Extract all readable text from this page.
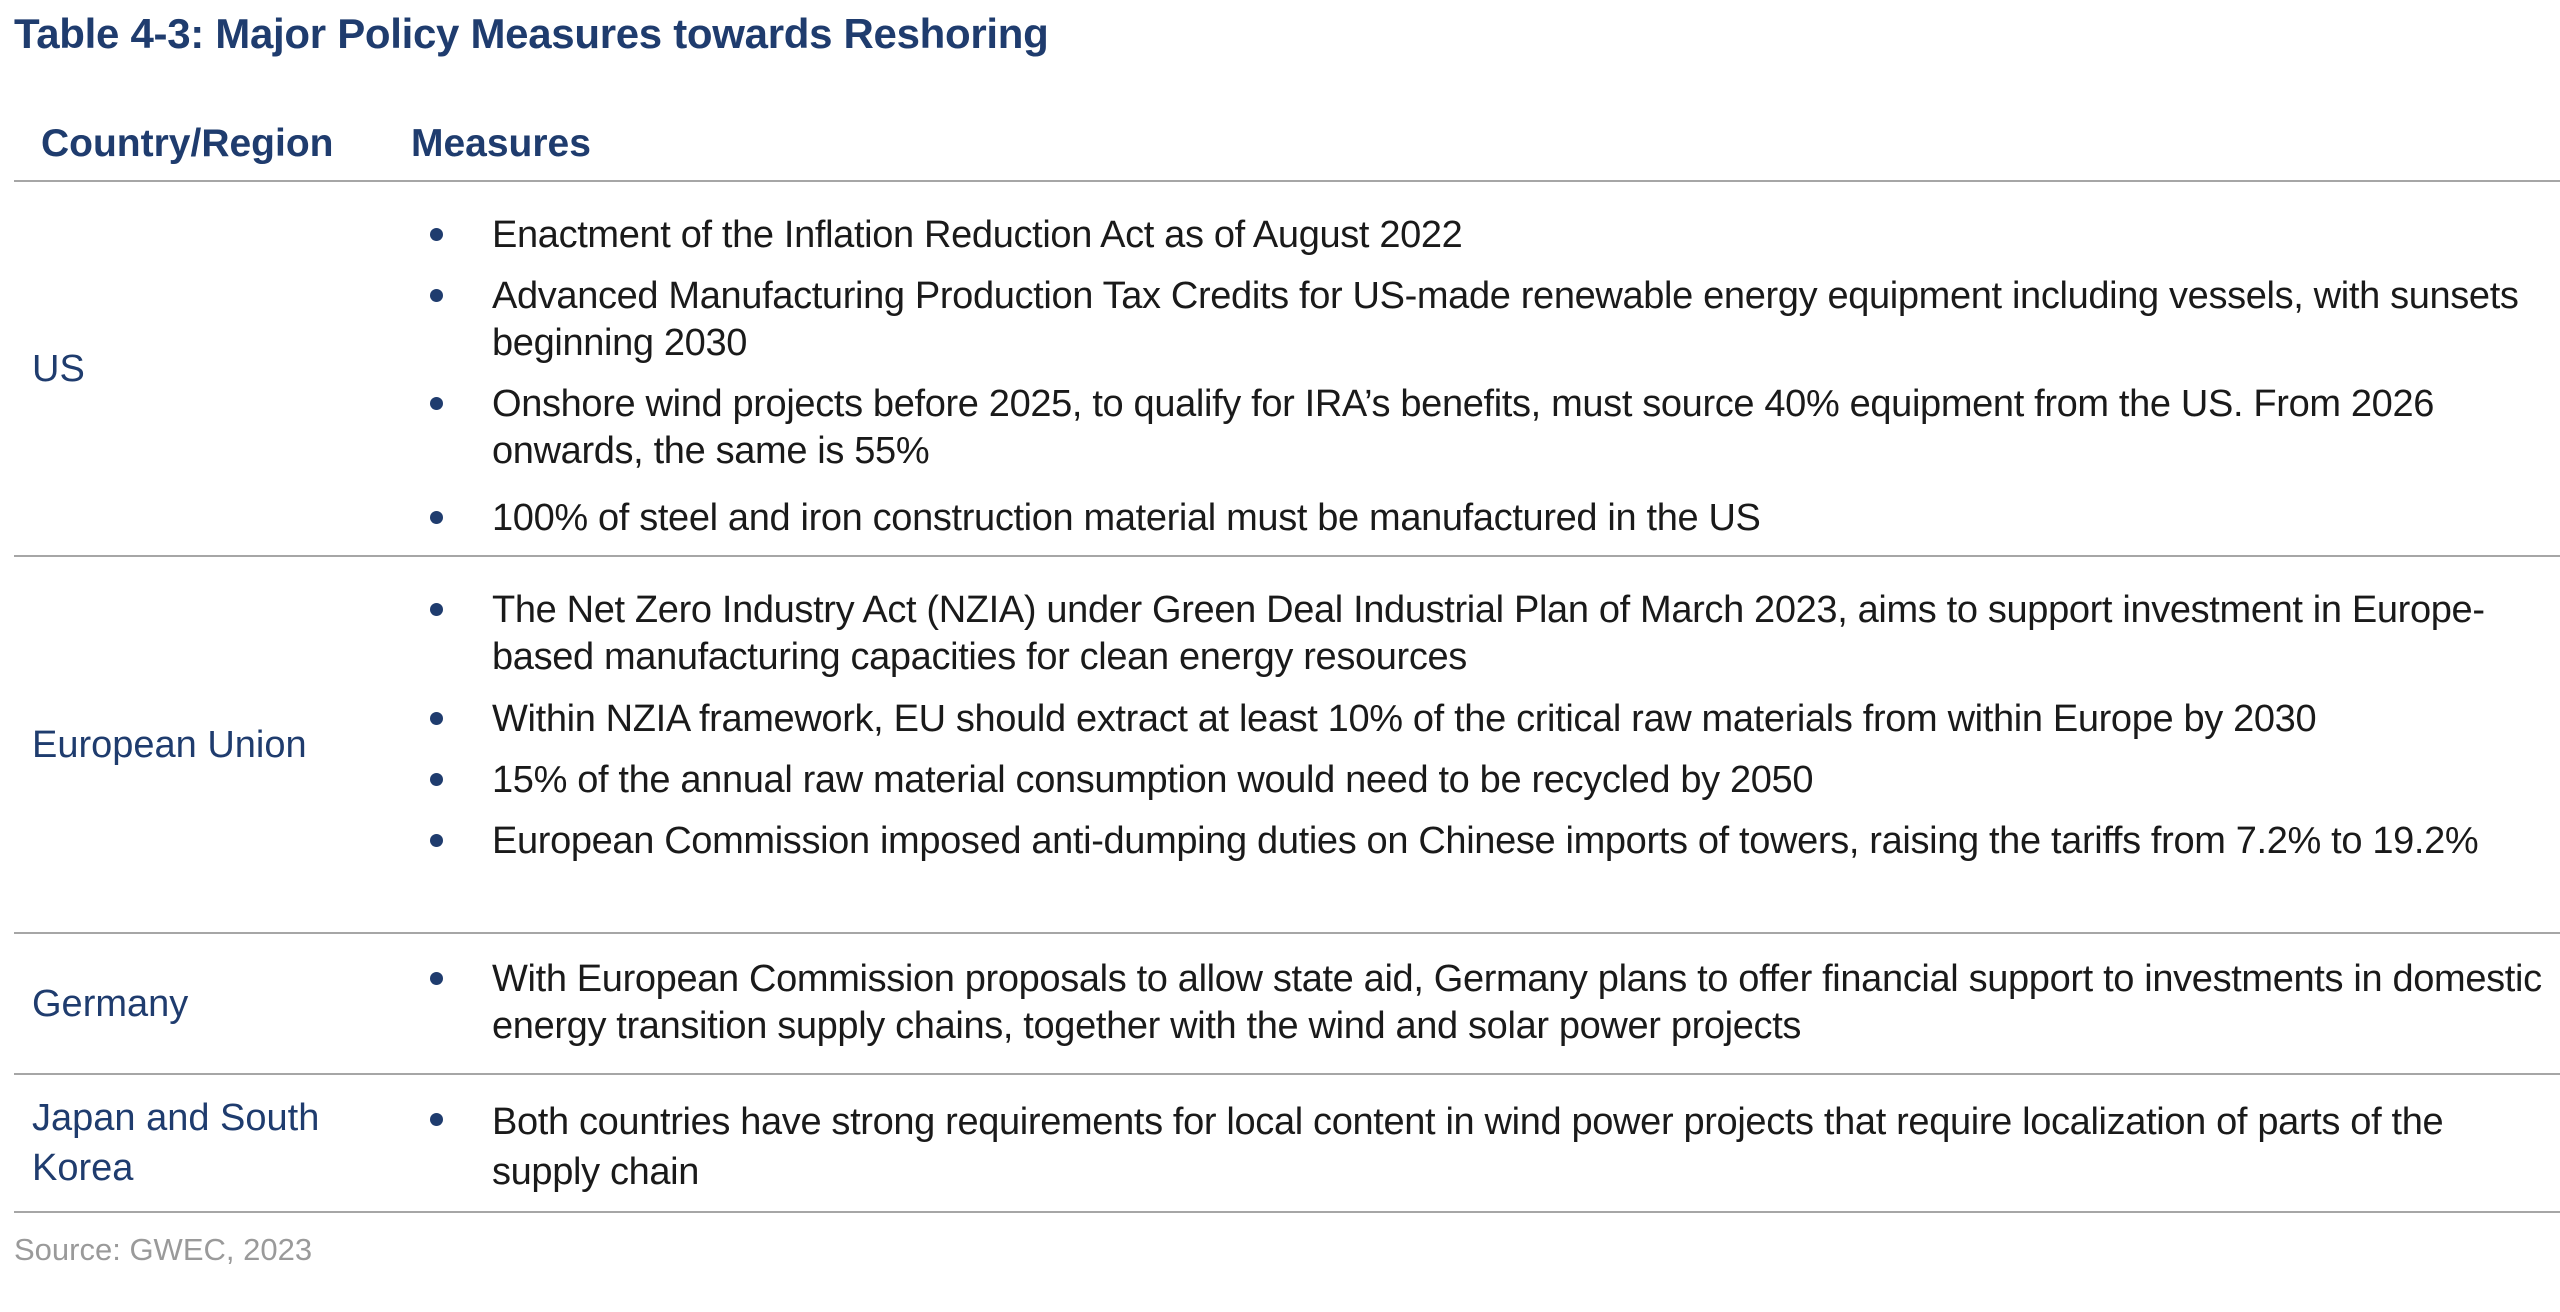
Table 4-3: Major Policy Measures towards Reshoring
Country/Region Measures
US
Enactment of the Inflation Reduction Act as of August 2022
Advanced Manufacturing Production Tax Credits for US-made renewable energy equipment including vessels, with sunsets beginning 2030
Onshore wind projects before 2025, to qualify for IRA’s benefits, must source 40% equipment from the US. From 2026 onwards, the same is 55%
100% of steel and iron construction material must be manufactured in the US
European Union
The Net Zero Industry Act (NZIA) under Green Deal Industrial Plan of March 2023, aims to support investment in Europe-based manufacturing capacities for clean energy resources
Within NZIA framework, EU should extract at least 10% of the critical raw materials from within Europe by 2030
15% of the annual raw material consumption would need to be recycled by 2050
European Commission imposed anti-dumping duties on Chinese imports of towers, raising the tariffs from 7.2% to 19.2%
Germany
With European Commission proposals to allow state aid, Germany plans to offer financial support to investments in domestic energy transition supply chains, together with the wind and solar power projects
Japan and South Korea
Both countries have strong requirements for local content in wind power projects that require localization of parts of the supply chain
Source: GWEC, 2023
